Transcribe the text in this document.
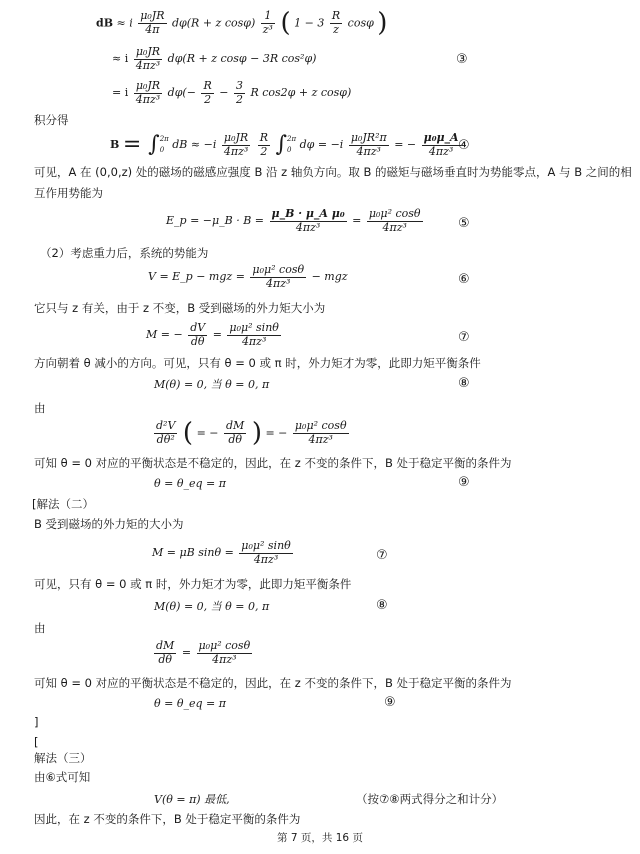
dB ≈ i $\frac{\text{μ₀JR}}{4\pi} d\varphi(R + z$ $\cos\varphi) \frac{1}{\text{z³}}$ ( $1 - 3 \frac{R}{z}$ cosφ )
≈ i $\frac{\text{μ₀JR}}{\text{4πz³}} d\varphi(R + z$ cosφ − 3R cos²φ)	③
= i $\frac{\text{μ₀JR}}{\text{4πz³}} d\varphi(- \frac{R}{2} - \frac{3}{2}$ R cos2φ + z cosφ)
积分得
B = ∫ 2π
0 dB ≈ $-i \frac{\text{μ₀JR}}{\text{4πz³}}$
$\frac{R}{2}$ ∫ 2π
0 $d\varphi = -i \frac{\text{μ₀JR²π}}{\text{4πz³}}$ = − $\frac{\text{μ₀μ\_A}}{\text{4πz³}}$
④
可见，A 在 (0,0,z) 处的磁场的磁感应强度 B 沿 z 轴负方向。取 B 的磁矩与磁场垂直时为势能零点，A 与 B 之间的相
互作用势能为
E_p = −μ_B · $B = \frac{\text{μ\_B · μ\_A μ₀}}{\text{4πz³}} = \frac{\text{μ₀μ² cosθ}}{\text{4πz³}}$	⑤
（2）考虑重力后，系统的势能为
V = E_p − mgz = $\frac{\text{μ₀μ² cosθ}}{\text{4πz³}}$ − mgz	⑥
它只与 z 有关，由于 z 不变，B 受到磁场的外力矩大小为
M = − $\frac{dV}{d\theta} = \frac{\text{μ₀μ² sinθ}}{\text{4πz³}}$	⑦
方向朝着 θ 减小的方向。可见，只有 θ = 0 或 π 时，外力矩才为零，此即力矩平衡条件
M(θ) = 0, 当 θ = 0, π	⑧
由
$\frac{\text{d²V}}{\text{dθ²}}$ ( = − $\frac{dM}{d\theta}$ ) = − $\frac{\text{μ₀μ² cosθ}}{\text{4πz³}}$
可知 θ = 0 对应的平衡状态是不稳定的，因此，在 z 不变的条件下，B 处于稳定平衡的条件为
θ = θ_eq = π	⑨
[解法（二）
B 受到磁场的外力矩的大小为
M = μB $\sin\theta = \frac{\text{μ₀μ² sinθ}}{\text{4πz³}}$	⑦
可见，只有 θ = 0 或 π 时，外力矩才为零，此即力矩平衡条件
M(θ) = 0, 当 θ = 0, π	⑧
由
$\frac{dM}{d\theta} = \frac{\text{μ₀μ² cosθ}}{\text{4πz³}}$
可知 θ = 0 对应的平衡状态是不稳定的，因此，在 z 不变的条件下，B 处于稳定平衡的条件为
θ = θ_eq = π	⑨
]
[
解法（三）
由⑥式可知
V(θ = π) 最低,	（按⑦⑧两式得分之和计分）
因此，在 z 不变的条件下，B 处于稳定平衡的条件为
第 7 页，共 16 页
